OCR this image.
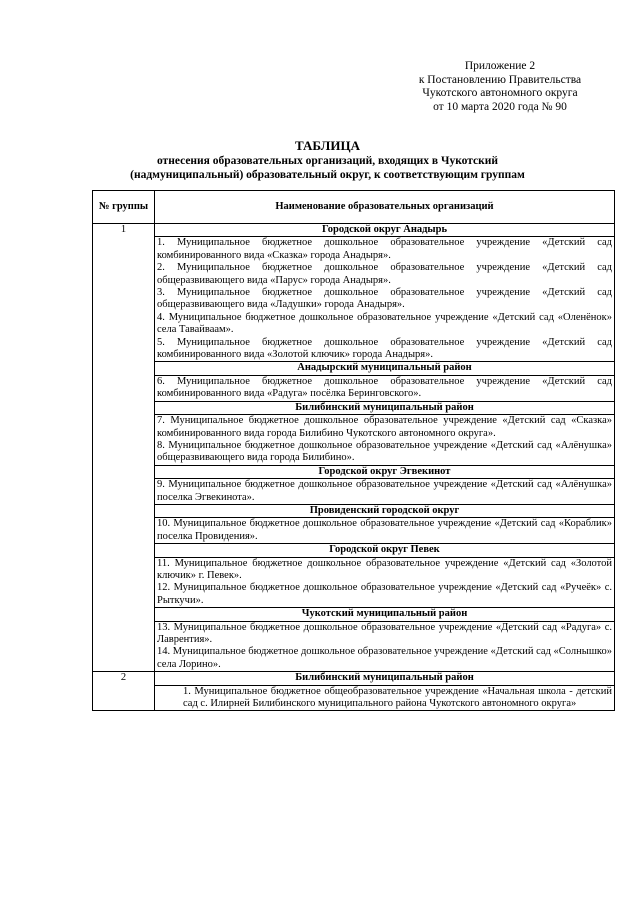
Приложение 2
к Постановлению Правительства
Чукотского автономного округа
от 10 марта 2020 года № 90
ТАБЛИЦА
отнесения образовательных организаций, входящих в Чукотский
(надмуниципальный) образовательный округ, к соответствующим группам
№ группы	Наименование образовательных организаций
1	Городской округ Анадырь

	1. Муниципальное бюджетное дошкольное образовательное учреждение «Детский сад комбинированного вида «Сказка» города Анадыря».
2. Муниципальное бюджетное дошкольное образовательное учреждение «Детский сад общеразвивающего вида «Парус» города Анадыря».
3. Муниципальное бюджетное дошкольное образовательное учреждение «Детский сад общеразвивающего вида «Ладушки» города Анадыря».
4. Муниципальное бюджетное дошкольное образовательное учреждение «Детский сад «Оленёнок» села Тавайваам».
5. Муниципальное бюджетное дошкольное образовательное учреждение «Детский сад комбинированного вида «Золотой ключик» города Анадыря».

	Анадырский муниципальный район

	6. Муниципальное бюджетное дошкольное образовательное учреждение «Детский сад комбинированного вида «Радуга» посёлка Беринговского».

	Билибинский муниципальный район

	7. Муниципальное бюджетное дошкольное образовательное учреждение «Детский сад «Сказка» комбинированного вида города Билибино Чукотского автономного округа».
8. Муниципальное бюджетное дошкольное образовательное учреждение «Детский сад «Алёнушка» общеразвивающего вида города Билибино».

	Городской округ Эгвекинот

	9. Муниципальное бюджетное дошкольное образовательное учреждение «Детский сад «Алёнушка» поселка Эгвекинота».

	Провиденский городской округ

	10. Муниципальное бюджетное дошкольное образовательное учреждение «Детский сад «Кораблик» поселка Провидения».

	Городской округ Певек

	11. Муниципальное бюджетное дошкольное образовательное учреждение «Детский сад «Золотой ключик» г. Певек».
12. Муниципальное бюджетное дошкольное образовательное учреждение «Детский сад «Ручеёк» с. Рыткучи».

	Чукотский муниципальный район

	13. Муниципальное бюджетное дошкольное образовательное учреждение «Детский сад «Радуга» с. Лаврентия».
14. Муниципальное бюджетное дошкольное образовательное учреждение «Детский сад «Солнышко» села Лорино».

2	Билибинский муниципальный район

	1. Муниципальное бюджетное общеобразовательное учреждение «Начальная школа - детский сад с. Илирней Билибинского муниципального района Чукотского автономного округа»
